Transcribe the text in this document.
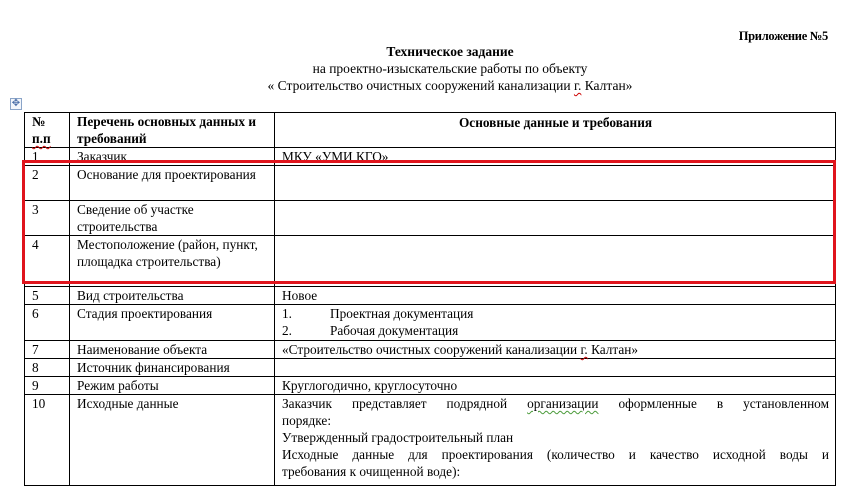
Приложение №5
Техническое задание
на проектно-изыскательские работы по объекту
« Строительство очистных сооружений канализации г. Калтан»
✥
№
п.п	Перечень основных данных и требований	Основные данные и требования
1	Заказчик	МКУ «УМИ КГО»
2	Основание для проектирования	
3	Сведение об участке строительства	
4	Местоположение (район, пункт, площадка строительства)	
5	Вид строительства	Новое
6	Стадия проектирования	1. Проектная документация
2. Рабочая документация

7	Наименование объекта	«Строительство очистных сооружений канализации г. Калтан»
8	Источник финансирования	
9	Режим работы	Круглогодично, круглосуточно
10	Исходные данные	Заказчик представляет подрядной организации оформленные в установленном
порядке:
Утвержденный градостроительный план
Исходные данные для проектирования (количество и качество исходной воды и
требования к очищенной воде):
